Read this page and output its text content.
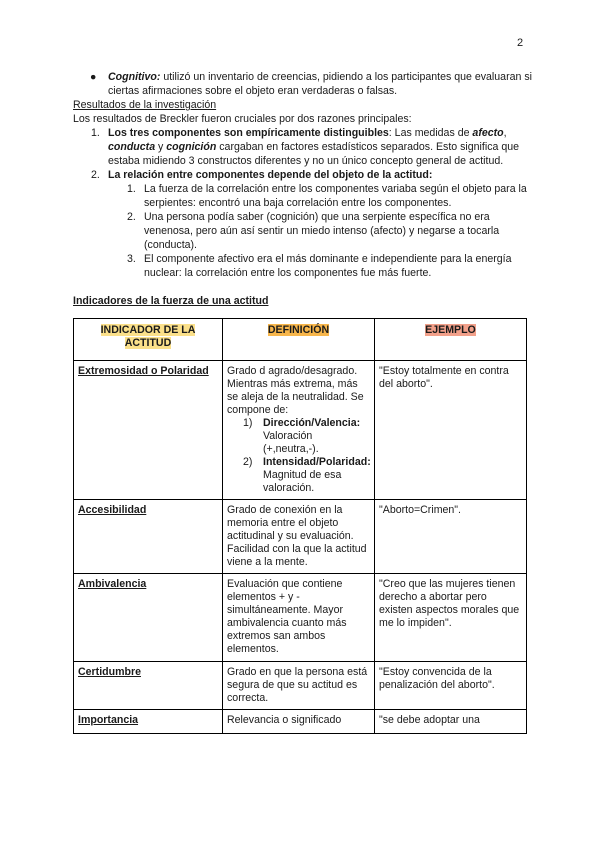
2
●	Cognitivo: utilizó un inventario de creencias, pidiendo a los participantes que evaluaran si ciertas afirmaciones sobre el objeto eran verdaderas o falsas.

Resultados de la investigación

Los resultados de Breckler fueron cruciales por dos razones principales:

1. Los tres componentes son empíricamente distinguibles: Las medidas de afecto, conducta y cognición cargaban en factores estadísticos separados. Esto significa que estaba midiendo 3 constructos diferentes y no un único concepto general de actitud.

2. La relación entre componentes depende del objeto de la actitud:

1. La fuerza de la correlación entre los componentes variaba según el objeto para la serpientes: encontró una baja correlación entre los componentes.

2. Una persona podía saber (cognición) que una serpiente específica no era venenosa, pero aún así sentir un miedo intenso (afecto) y negarse a tocarla (conducta).

3. El componente afectivo era el más dominante e independiente para la energía nuclear: la correlación entre los componentes fue más fuerte.

Indicadores de la fuerza de una actitud

INDICADOR DE LA ACTITUD	DEFINICIÓN	EJEMPLO
Extremosidad o Polaridad	Grado d agrado/desagrado. Mientras más extrema, más se aleja de la neutralidad. Se compone de:

1) Dirección/Valencia: Valoración (+,neutra,-).

2) Intensidad/Polaridad: Magnitud de esa valoración.	"Estoy totalmente en contra del aborto".

Accesibilidad	Grado de conexión en la memoria entre el objeto actitudinal y su evaluación. Facilidad con la que la actitud viene a la mente.	"Aborto=Crimen".

Ambivalencia	Evaluación que contiene elementos + y - simultáneamente. Mayor ambivalencia cuanto más extremos san ambos elementos.	"Creo que las mujeres tienen derecho a abortar pero existen aspectos morales que me lo impiden".

Certidumbre	Grado en que la persona está segura de que su actitud es correcta.	"Estoy convencida de la penalización del aborto".

Importancia	Relevancia o significado	"se debe adoptar una
